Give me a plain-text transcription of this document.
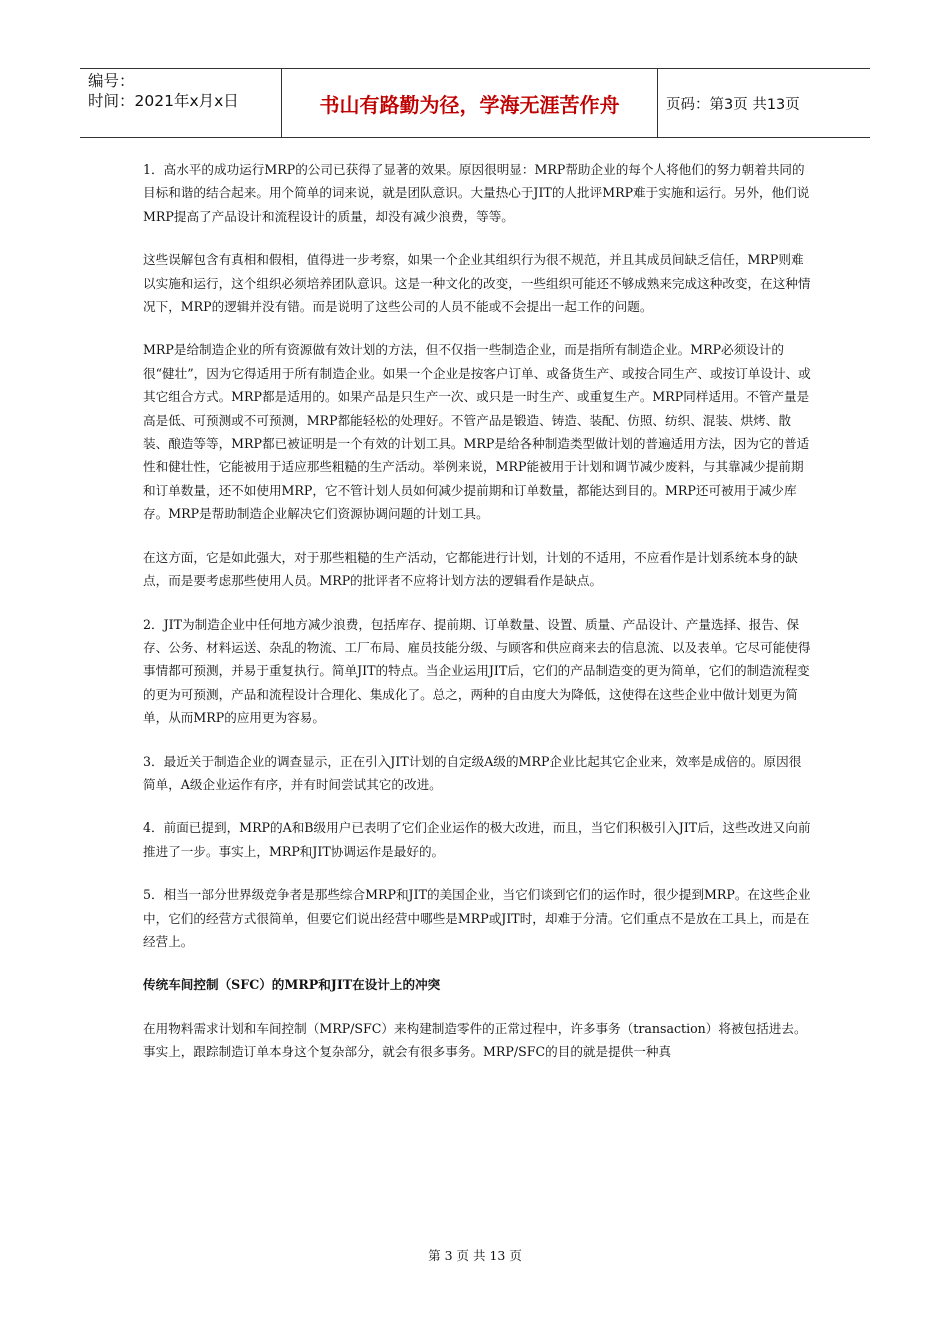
编号：
时间：2021年x月x日	书山有路勤为径，学海无涯苦作舟	页码：第3页 共13页

1．高水平的成功运行MRP的公司已获得了显著的效果。原因很明显：MRP帮助企业的每个人将他们的努力朝着共同的目标和谐的结合起来。用个简单的词来说，就是团队意识。大量热心于JIT的人批评MRP难于实施和运行。另外，他们说MRP提高了产品设计和流程设计的质量，却没有减少浪费，等等。

这些误解包含有真相和假相，值得进一步考察，如果一个企业其组织行为很不规范，并且其成员间缺乏信任，MRP则难以实施和运行，这个组织必须培养团队意识。这是一种文化的改变，一些组织可能还不够成熟来完成这种改变，在这种情况下，MRP的逻辑并没有错。而是说明了这些公司的人员不能或不会提出一起工作的问题。

MRP是给制造企业的所有资源做有效计划的方法，但不仅指一些制造企业，而是指所有制造企业。MRP必须设计的很“健壮”，因为它得适用于所有制造企业。如果一个企业是按客户订单、或备货生产、或按合同生产、或按订单设计、或其它组合方式。MRP都是适用的。如果产品是只生产一次、或只是一时生产、或重复生产。MRP同样适用。不管产量是高是低、可预测或不可预测，MRP都能轻松的处理好。不管产品是锻造、铸造、装配、仿照、纺织、混装、烘烤、散装、酿造等等，MRP都已被证明是一个有效的计划工具。MRP是给各种制造类型做计划的普遍适用方法，因为它的普适性和健壮性，它能被用于适应那些粗糙的生产活动。举例来说，MRP能被用于计划和调节减少废料，与其靠减少提前期和订单数量，还不如使用MRP，它不管计划人员如何减少提前期和订单数量，都能达到目的。MRP还可被用于减少库存。MRP是帮助制造企业解决它们资源协调问题的计划工具。

在这方面，它是如此强大，对于那些粗糙的生产活动，它都能进行计划，计划的不适用，不应看作是计划系统本身的缺点，而是要考虑那些使用人员。MRP的批评者不应将计划方法的逻辑看作是缺点。

2．JIT为制造企业中任何地方减少浪费，包括库存、提前期、订单数量、设置、质量、产品设计、产量选择、报告、保存、公务、材料运送、杂乱的物流、工厂布局、雇员技能分级、与顾客和供应商来去的信息流、以及表单。它尽可能使得事情都可预测，并易于重复执行。简单JIT的特点。当企业运用JIT后，它们的产品制造变的更为简单，它们的制造流程变的更为可预测，产品和流程设计合理化、集成化了。总之，两种的自由度大为降低，这使得在这些企业中做计划更为简单，从而MRP的应用更为容易。

3．最近关于制造企业的调查显示，正在引入JIT计划的自定级A级的MRP企业比起其它企业来，效率是成倍的。原因很简单，A级企业运作有序，并有时间尝试其它的改进。

4．前面已提到，MRP的A和B级用户已表明了它们企业运作的极大改进，而且，当它们积极引入JIT后，这些改进又向前推进了一步。事实上，MRP和JIT协调运作是最好的。

5．相当一部分世界级竞争者是那些综合MRP和JIT的美国企业，当它们谈到它们的运作时，很少提到MRP。在这些企业中，它们的经营方式很简单，但要它们说出经营中哪些是MRP或JIT时，却难于分清。它们重点不是放在工具上，而是在经营上。

传统车间控制（SFC）的MRP和JIT在设计上的冲突

在用物料需求计划和车间控制（MRP/SFC）来构建制造零件的正常过程中，许多事务（transaction）将被包括进去。事实上，跟踪制造订单本身这个复杂部分，就会有很多事务。MRP/SFC的目的就是提供一种真

第 3 页 共 13 页
